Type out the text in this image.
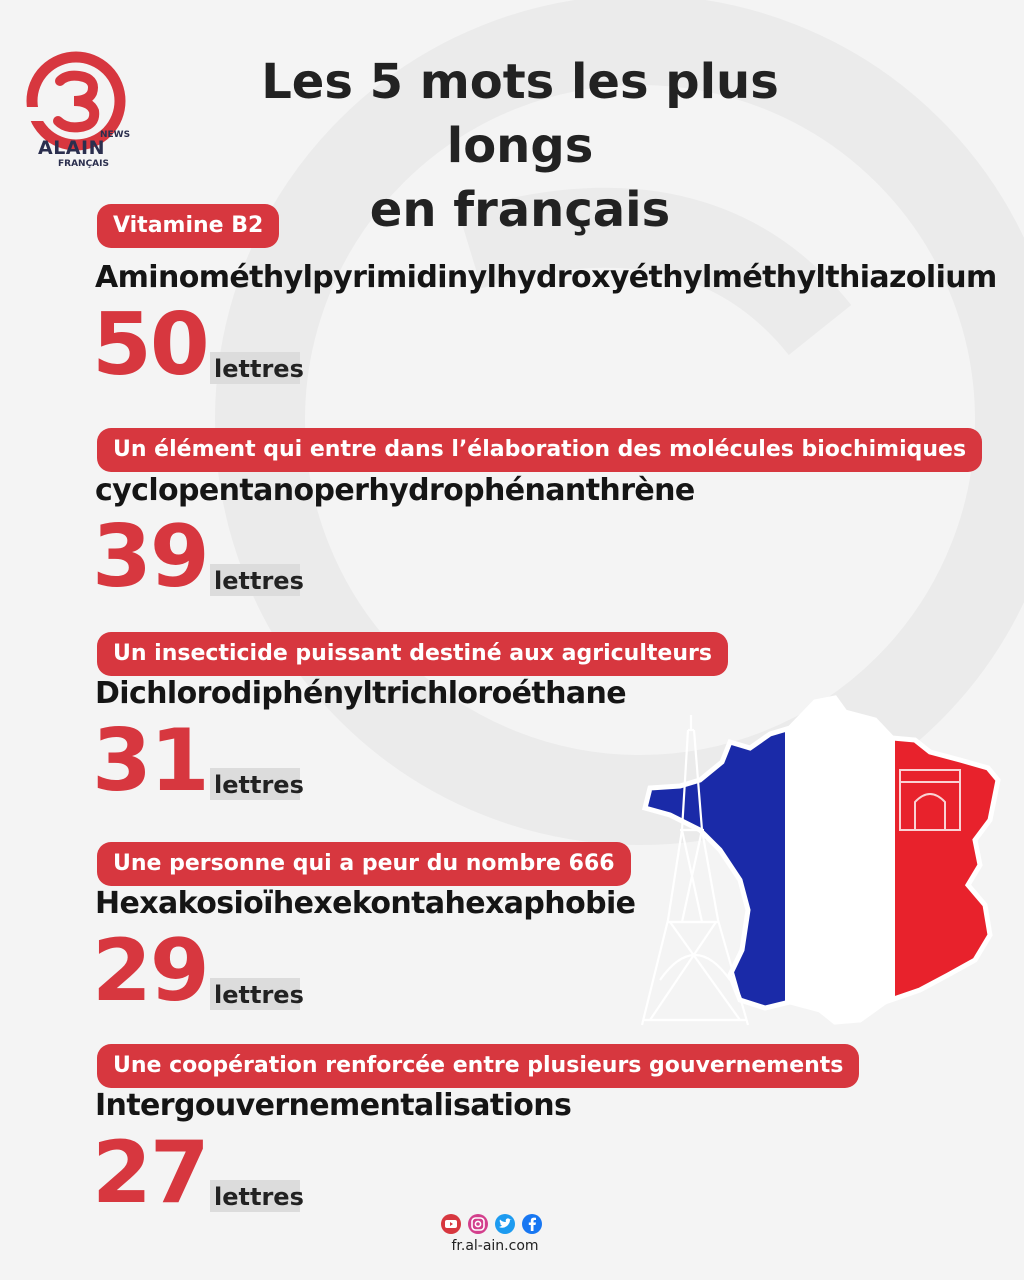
NEWS
ALAIN
FRANÇAIS
Les 5 mots les plus longs
en français
Vitamine B2
Aminométhylpyrimidinylhydroxyéthylméthylthiazolium
50 lettres
Un élément qui entre dans l’élaboration des molécules biochimiques
cyclopentanoperhydrophénanthrène
39 lettres
Un insecticide puissant destiné aux agriculteurs
Dichlorodiphényltrichloroéthane
31 lettres
Une personne qui a peur du nombre 666
Hexakosioïhexekontahexaphobie
29 lettres
Une coopération renforcée entre plusieurs gouvernements
Intergouvernementalisations
27 lettres
fr.al-ain.com
